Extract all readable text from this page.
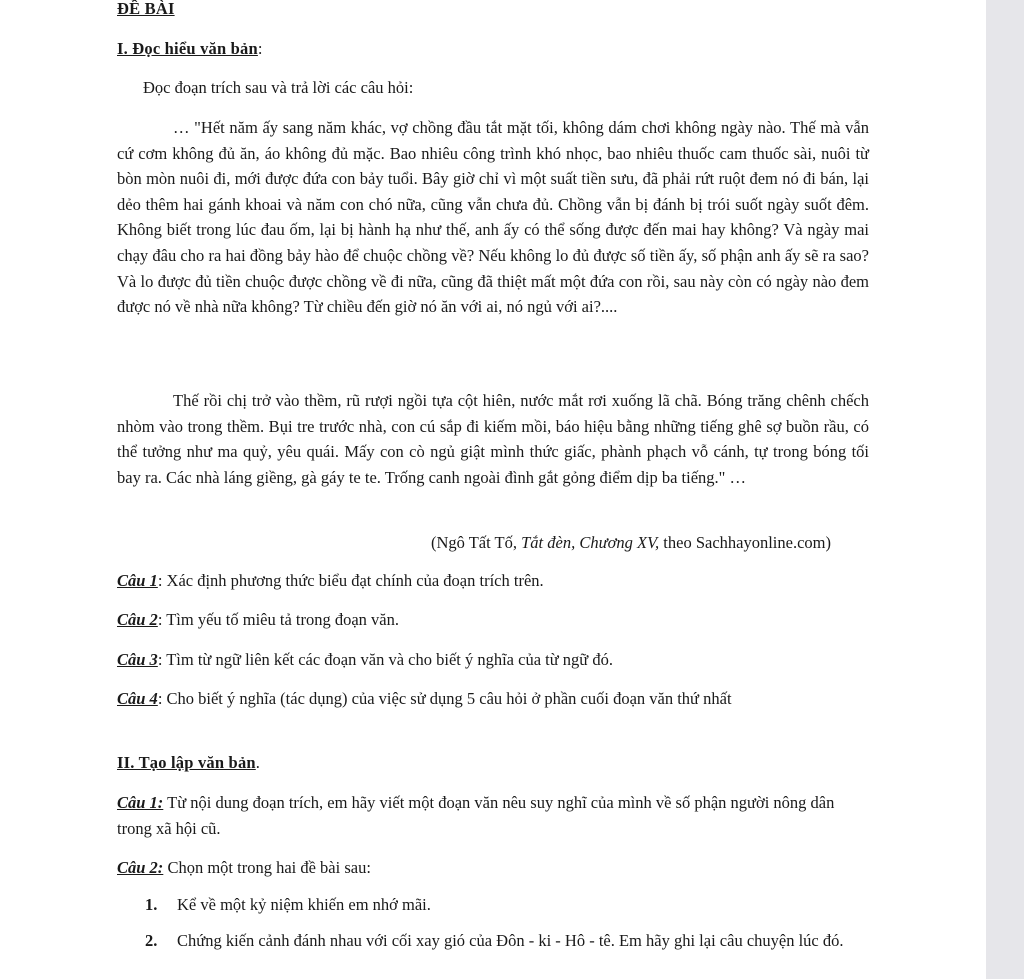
ĐỀ BÀI
I. Đọc hiểu văn bản:
Đọc đoạn trích sau và trả lời các câu hỏi:

… "Hết năm ấy sang năm khác, vợ chồng đầu tắt mặt tối, không dám chơi không ngày nào. Thế mà vẫn cứ cơm không đủ ăn, áo không đủ mặc. Bao nhiêu công trình khó nhọc, bao nhiêu thuốc cam thuốc sài, nuôi từ bòn mòn nuôi đi, mới được đứa con bảy tuổi. Bây giờ chỉ vì một suất tiền sưu, đã phải rứt ruột đem nó đi bán, lại dẻo thêm hai gánh khoai và năm con chó nữa, cũng vẫn chưa đủ. Chồng vẫn bị đánh bị trói suốt ngày suốt đêm. Không biết trong lúc đau ốm, lại bị hành hạ như thế, anh ấy có thể sống được đến mai hay không? Và ngày mai chạy đâu cho ra hai đồng bảy hào để chuộc chồng về? Nếu không lo đủ được số tiền ấy, số phận anh ấy sẽ ra sao? Và lo được đủ tiền chuộc được chồng về đi nữa, cũng đã thiệt mất một đứa con rồi, sau này còn có ngày nào đem được nó về nhà nữa không? Từ chiều đến giờ nó ăn với ai, nó ngủ với ai?....

Thế rồi chị trở vào thềm, rũ rượi ngồi tựa cột hiên, nước mắt rơi xuống lã chã. Bóng trăng chênh chếch nhòm vào trong thềm. Bụi tre trước nhà, con cú sắp đi kiếm mồi, báo hiệu bằng những tiếng ghê sợ buồn rầu, có thể tưởng như ma quỷ, yêu quái. Mấy con cò ngủ giật mình thức giấc, phành phạch vỗ cánh, tự trong bóng tối bay ra. Các nhà láng giềng, gà gáy te te. Trống canh ngoài đình gắt gỏng điểm dịp ba tiếng." …

(Ngô Tất Tố, Tắt đèn, Chương XV, theo Sachhayonline.com)

Câu 1: Xác định phương thức biểu đạt chính của đoạn trích trên.

Câu 2: Tìm yếu tố miêu tả trong đoạn văn.

Câu 3: Tìm từ ngữ liên kết các đoạn văn và cho biết ý nghĩa của từ ngữ đó.

Câu 4: Cho biết ý nghĩa (tác dụng) của việc sử dụng 5 câu hỏi ở phần cuối đoạn văn thứ nhất

II. Tạo lập văn bản.

Câu 1: Từ nội dung đoạn trích, em hãy viết một đoạn văn nêu suy nghĩ của mình về số phận người nông dân trong xã hội cũ.

Câu 2: Chọn một trong hai đề bài sau:

1. Kể về một kỷ niệm khiến em nhớ mãi.
2. Chứng kiến cảnh đánh nhau với cối xay gió của Đôn - ki - Hô - tê. Em hãy ghi lại câu chuyện lúc đó.
